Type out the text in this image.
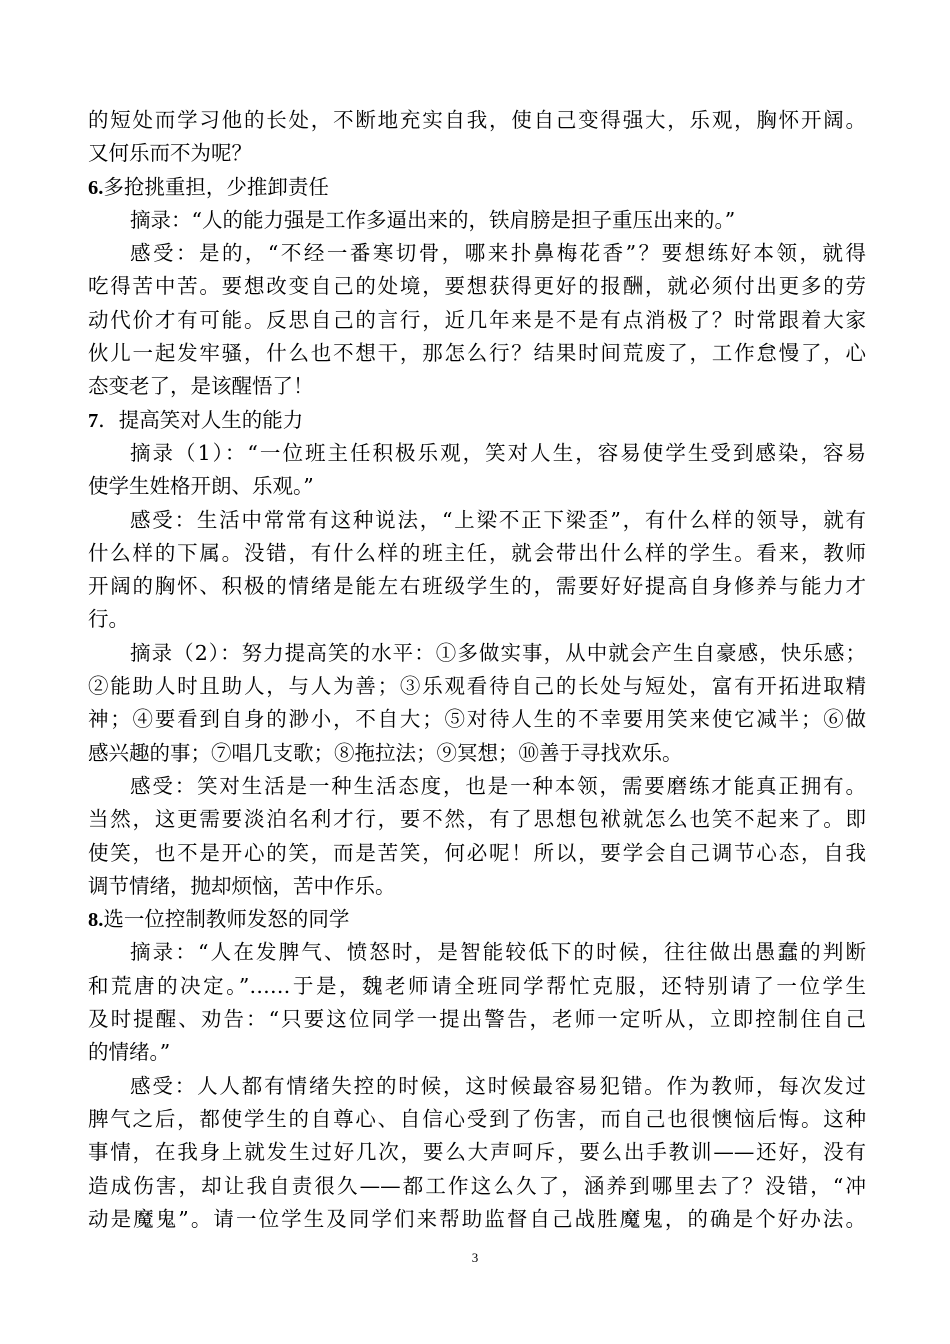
的短处而学习他的长处，不断地充实自我，使自己变得强大，乐观，胸怀开阔。
又何乐而不为呢？
6.多抢挑重担，少推卸责任
摘录：“人的能力强是工作多逼出来的，铁肩膀是担子重压出来的。”
感受：是的，“不经一番寒切骨，哪来扑鼻梅花香”？要想练好本领，就得
吃得苦中苦。要想改变自己的处境，要想获得更好的报酬，就必须付出更多的劳
动代价才有可能。反思自己的言行，近几年来是不是有点消极了？时常跟着大家
伙儿一起发牢骚，什么也不想干，那怎么行？结果时间荒废了，工作怠慢了，心
态变老了，是该醒悟了！
7．提高笑对人生的能力
摘录（1）：“一位班主任积极乐观，笑对人生，容易使学生受到感染，容易
使学生姓格开朗、乐观。”
感受：生活中常常有这种说法，“上梁不正下梁歪”，有什么样的领导，就有
什么样的下属。没错，有什么样的班主任，就会带出什么样的学生。看来，教师
开阔的胸怀、积极的情绪是能左右班级学生的，需要好好提高自身修养与能力才
行。
摘录（2）：努力提高笑的水平：①多做实事，从中就会产生自豪感，快乐感；
②能助人时且助人，与人为善；③乐观看待自己的长处与短处，富有开拓进取精
神；④要看到自身的渺小，不自大；⑤对待人生的不幸要用笑来使它减半；⑥做
感兴趣的事；⑦唱几支歌；⑧拖拉法；⑨冥想；⑩善于寻找欢乐。
感受：笑对生活是一种生活态度，也是一种本领，需要磨练才能真正拥有。
当然，这更需要淡泊名利才行，要不然，有了思想包袱就怎么也笑不起来了。即
使笑，也不是开心的笑，而是苦笑，何必呢！所以，要学会自己调节心态，自我
调节情绪，抛却烦恼，苦中作乐。
8.选一位控制教师发怒的同学
摘录：“人在发脾气、愤怒时，是智能较低下的时候，往往做出愚蠢的判断
和荒唐的决定。”……于是，魏老师请全班同学帮忙克服，还特别请了一位学生
及时提醒、劝告：“只要这位同学一提出警告，老师一定听从，立即控制住自己
的情绪。”
感受：人人都有情绪失控的时候，这时候最容易犯错。作为教师，每次发过
脾气之后，都使学生的自尊心、自信心受到了伤害，而自己也很懊恼后悔。这种
事情，在我身上就发生过好几次，要么大声呵斥，要么出手教训——还好，没有
造成伤害，却让我自责很久——都工作这么久了，涵养到哪里去了？没错，“冲
动是魔鬼”。请一位学生及同学们来帮助监督自己战胜魔鬼，的确是个好办法。
3
